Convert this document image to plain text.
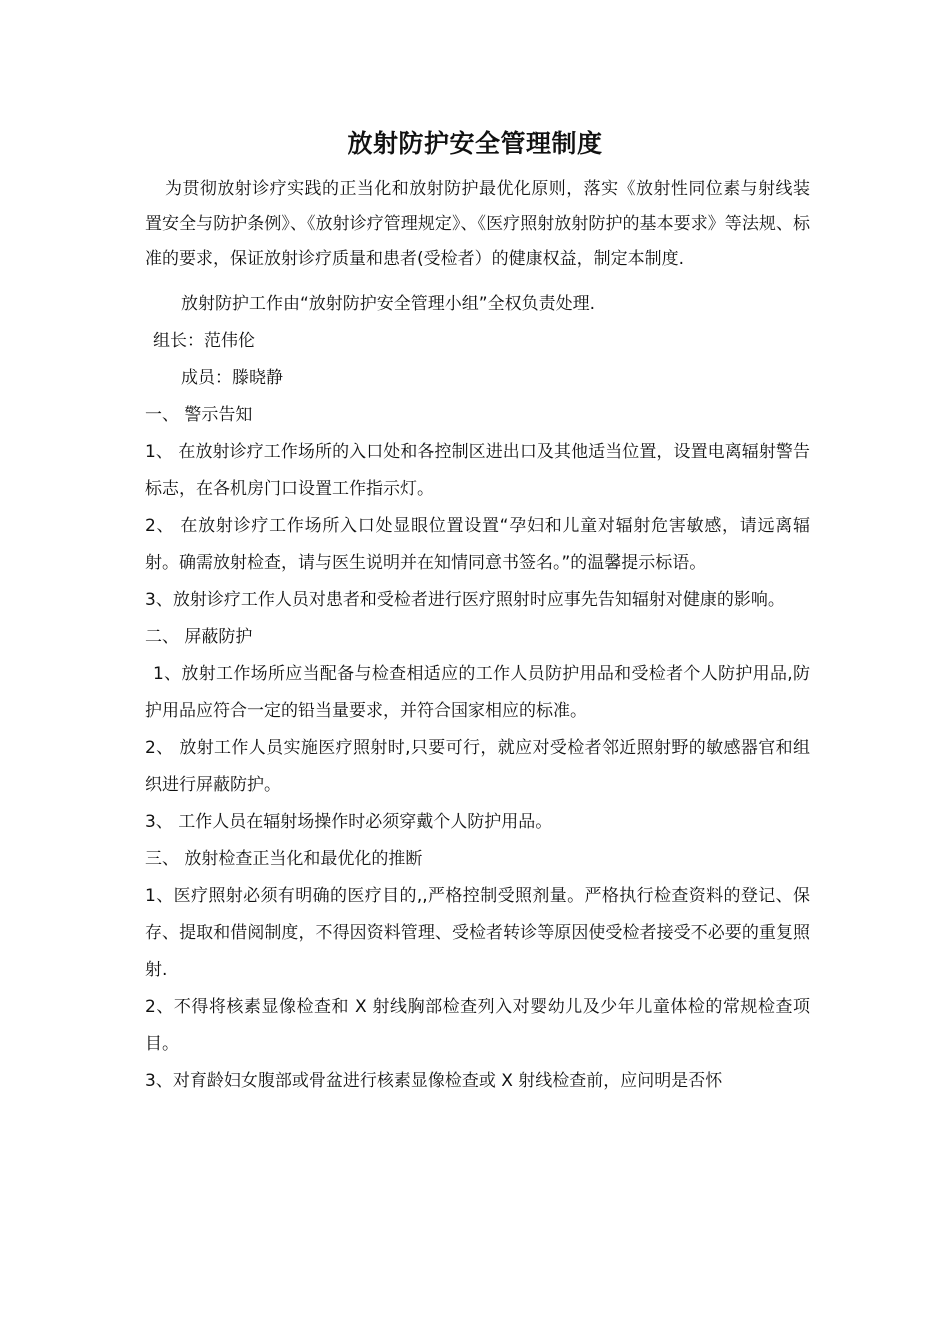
放射防护安全管理制度

为贯彻放射诊疗实践的正当化和放射防护最优化原则，落实《放射性同位素与射线装置安全与防护条例》、《放射诊疗管理规定》、《医疗照射放射防护的基本要求》等法规、标准的要求，保证放射诊疗质量和患者(受检者）的健康权益，制定本制度.

放射防护工作由“放射防护安全管理小组”全权负责处理.

组长：范伟伦

成员：滕晓静

一、 警示告知

1、 在放射诊疗工作场所的入口处和各控制区进出口及其他适当位置，设置电离辐射警告标志，在各机房门口设置工作指示灯。

2、 在放射诊疗工作场所入口处显眼位置设置“孕妇和儿童对辐射危害敏感，请远离辐射。确需放射检查，请与医生说明并在知情同意书签名。”的温馨提示标语。

3、放射诊疗工作人员对患者和受检者进行医疗照射时应事先告知辐射对健康的影响。

二、 屏蔽防护

1、放射工作场所应当配备与检查相适应的工作人员防护用品和受检者个人防护用品,防护用品应符合一定的铅当量要求，并符合国家相应的标准。

2、 放射工作人员实施医疗照射时,只要可行，就应对受检者邻近照射野的敏感器官和组织进行屏蔽防护。

3、 工作人员在辐射场操作时必须穿戴个人防护用品。

三、 放射检查正当化和最优化的推断

1、医疗照射必须有明确的医疗目的,,严格控制受照剂量。严格执行检查资料的登记、保存、提取和借阅制度，不得因资料管理、受检者转诊等原因使受检者接受不必要的重复照射.

2、不得将核素显像检查和 X 射线胸部检查列入对婴幼儿及少年儿童体检的常规检查项目。

3、对育龄妇女腹部或骨盆进行核素显像检查或 X 射线检查前，应问明是否怀
